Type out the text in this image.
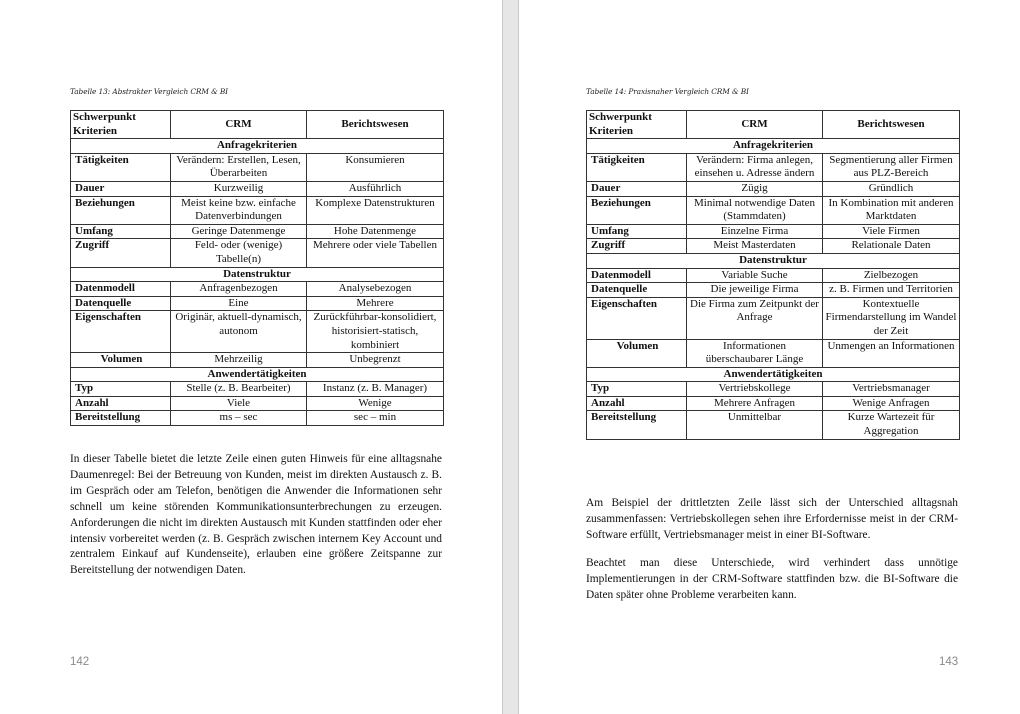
Tabelle 13: Abstrakter Vergleich CRM & BI
Schwerpunkt Kriterien	CRM	Berichtswesen
Anfragekriterien		
Tätigkeiten	Verändern: Erstellen, Lesen, Überarbeiten	Konsumieren
Dauer	Kurzweilig	Ausführlich
Beziehungen	Meist keine bzw. einfache Datenverbindungen	Komplexe Datenstrukturen
Umfang	Geringe Datenmenge	Hohe Datenmenge
Zugriff	Feld- oder (wenige) Tabelle(n)	Mehrere oder viele Tabellen
Datenstruktur		
Datenmodell	Anfragenbezogen	Analysebezogen
Datenquelle	Eine	Mehrere
Eigenschaften	Originär, aktuell-dynamisch, autonom	Zurückführbar-konsolidiert, historisiert-statisch, kombiniert
Volumen	Mehrzeilig	Unbegrenzt
Anwendertätigkeiten		
Typ	Stelle (z. B. Bearbeiter)	Instanz (z. B. Manager)
Anzahl	Viele	Wenige
Bereitstellung	ms – sec	sec – min

In dieser Tabelle bietet die letzte Zeile einen guten Hinweis für eine alltagsnahe Daumenregel: Bei der Betreuung von Kunden, meist im direkten Austausch z. B. im Gespräch oder am Telefon, benötigen die Anwender die Informationen sehr schnell um keine störenden Kommunikationsunterbrechungen zu erzeugen. Anforderungen die nicht im direkten Austausch mit Kunden stattfinden oder eher intensiv vorbereitet werden (z. B. Gespräch zwischen internem Key Account und zentralem Einkauf auf Kundenseite), erlauben eine größere Zeitspanne zur Bereitstellung der notwendigen Daten.

142
Tabelle 14: Praxisnaher Vergleich CRM & BI
Schwerpunkt Kriterien	CRM	Berichtswesen
Anfragekriterien		
Tätigkeiten	Verändern: Firma anlegen, einsehen u. Adresse ändern	Segmentierung aller Firmen aus PLZ-Bereich
Dauer	Zügig	Gründlich
Beziehungen	Minimal notwendige Daten (Stammdaten)	In Kombination mit anderen Marktdaten
Umfang	Einzelne Firma	Viele Firmen
Zugriff	Meist Masterdaten	Relationale Daten
Datenstruktur		
Datenmodell	Variable Suche	Zielbezogen
Datenquelle	Die jeweilige Firma	z. B. Firmen und Territorien
Eigenschaften	Die Firma zum Zeitpunkt der Anfrage	Kontextuelle Firmendarstellung im Wandel der Zeit
Volumen	Informationen überschaubarer Länge	Unmengen an Informationen
Anwendertätigkeiten		
Typ	Vertriebskollege	Vertriebsmanager
Anzahl	Mehrere Anfragen	Wenige Anfragen
Bereitstellung	Unmittelbar	Kurze Wartezeit für Aggregation

Am Beispiel der drittletzten Zeile lässt sich der Unterschied alltagsnah zusammenfassen: Vertriebskollegen sehen ihre Erfordernisse meist in der CRM-Software erfüllt, Vertriebsmanager meist in einer BI-Software.

Beachtet man diese Unterschiede, wird verhindert dass unnötige Implementierungen in der CRM-Software stattfinden bzw. die BI-Software die Daten später ohne Probleme verarbeiten kann.

143
